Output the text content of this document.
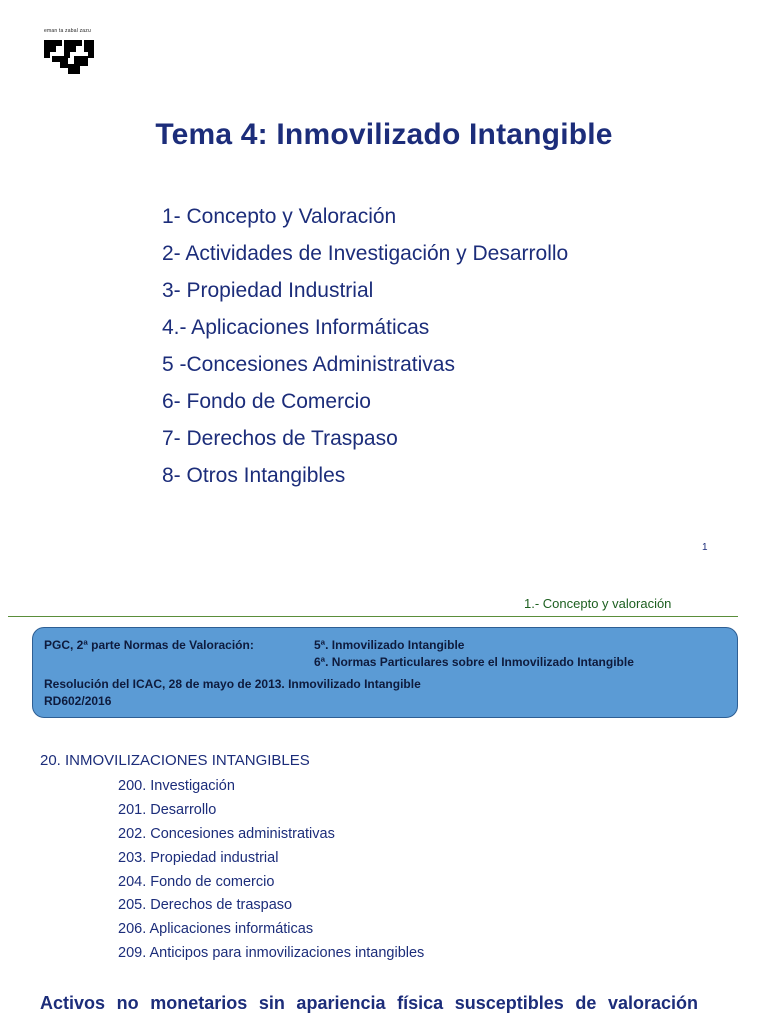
eman ta zabal zazu
Tema 4: Inmovilizado Intangible
1- Concepto y Valoración
2- Actividades de Investigación y Desarrollo
3- Propiedad Industrial
4.- Aplicaciones Informáticas
5 -Concesiones Administrativas
6- Fondo de Comercio
7- Derechos de Traspaso
8- Otros Intangibles
1
1.- Concepto y valoración
PGC, 2ª parte Normas de Valoración:	5ª. Inmovilizado Intangible
6ª. Normas Particulares sobre el Inmovilizado Intangible
Resolución del ICAC, 28 de mayo de 2013. Inmovilizado Intangible
RD602/2016
20. INMOVILIZACIONES INTANGIBLES
200. Investigación
201. Desarrollo
202. Concesiones administrativas
203. Propiedad industrial
204. Fondo de comercio
205. Derechos de traspaso
206. Aplicaciones informáticas
209. Anticipos para inmovilizaciones intangibles
Activos no monetarios sin apariencia física susceptibles de valoración
